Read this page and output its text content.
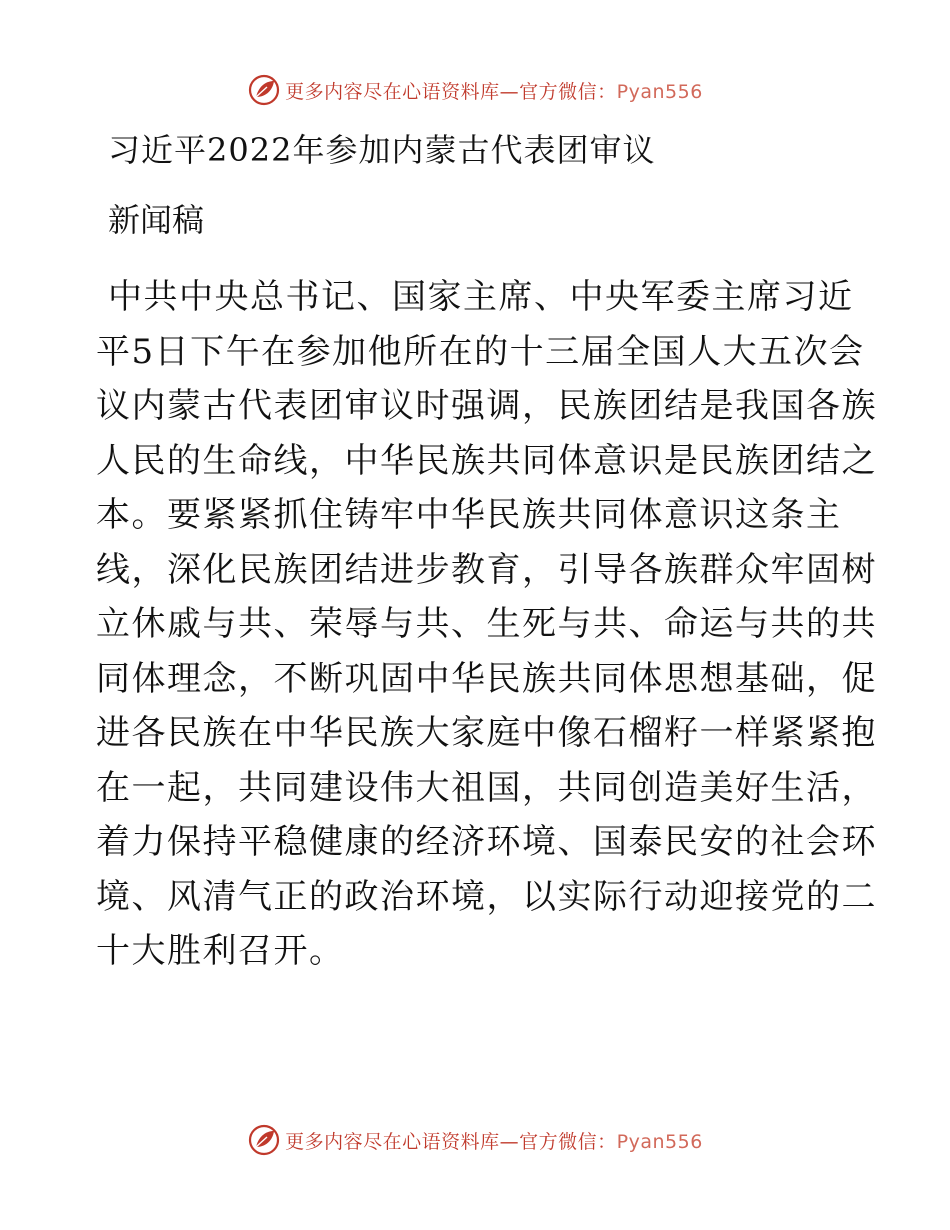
更多内容尽在心语资料库—官方微信：Pyan556
习近平2022年参加内蒙古代表团审议
新闻稿
中共中央总书记、国家主席、中央军委主席习近
平5日下午在参加他所在的十三届全国人大五次会
议内蒙古代表团审议时强调，民族团结是我国各族
人民的生命线，中华民族共同体意识是民族团结之
本。要紧紧抓住铸牢中华民族共同体意识这条主
线，深化民族团结进步教育，引导各族群众牢固树
立休戚与共、荣辱与共、生死与共、命运与共的共
同体理念，不断巩固中华民族共同体思想基础，促
进各民族在中华民族大家庭中像石榴籽一样紧紧抱
在一起，共同建设伟大祖国，共同创造美好生活，
着力保持平稳健康的经济环境、国泰民安的社会环
境、风清气正的政治环境，以实际行动迎接党的二
十大胜利召开。
更多内容尽在心语资料库—官方微信：Pyan556
